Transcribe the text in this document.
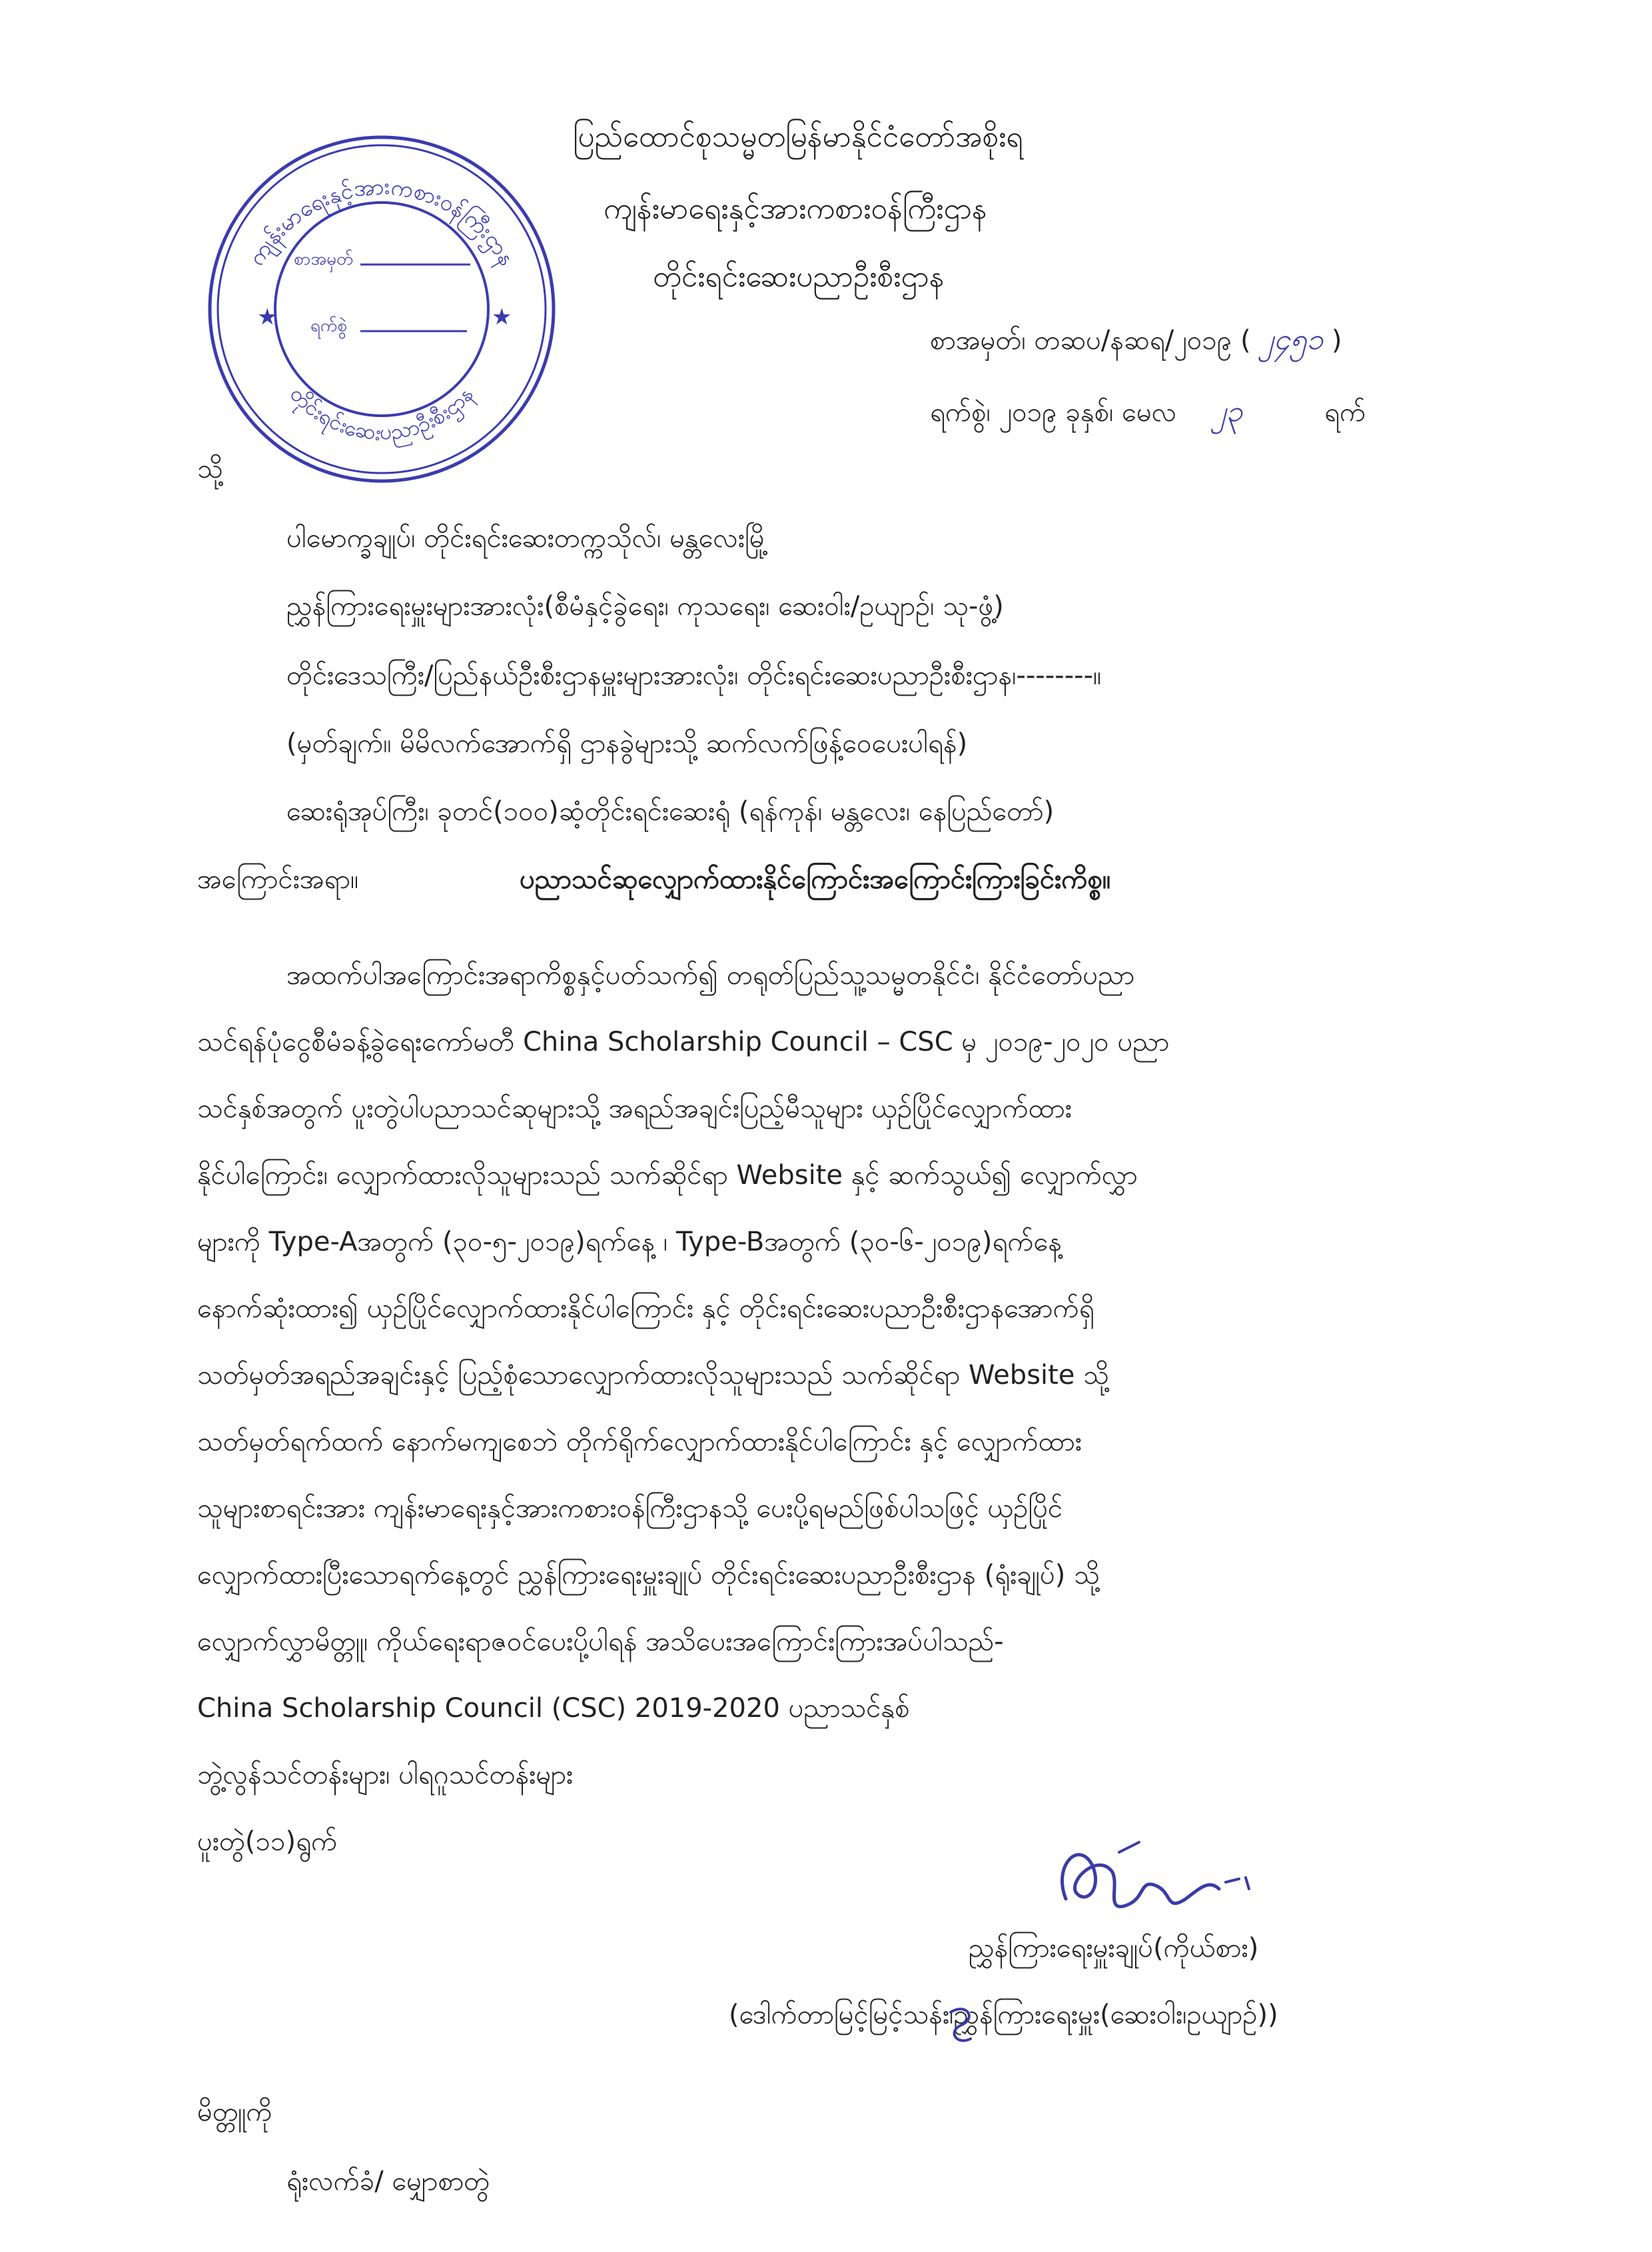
ကျန်းမာရေးနှင့်အားကစားဝန်ကြီးဌာန
တိုင်းရင်းဆေးပညာဦးစီးဌာန
★	★
စာအမှတ်
ရက်စွဲ
ပြည်ထောင်စုသမ္မတမြန်မာနိုင်ငံတော်အစိုးရ
ကျန်းမာရေးနှင့်အားကစားဝန်ကြီးဌာန
တိုင်းရင်းဆေးပညာဦးစီးဌာန
စာအမှတ်၊ တဆပ/နဆရ/၂၀၁၉ ( ၂၄၅၁ )
ရက်စွဲ၊ ၂၀၁၉ ခုနှစ်၊ မေလ ၂၃	ရက်
သို့
ပါမောက္ခချုပ်၊ တိုင်းရင်းဆေးတက္ကသိုလ်၊ မန္တလေးမြို့
ညွှန်ကြားရေးမှူးများအားလုံး(စီမံနှင့်ခွဲရေး၊ ကုသရေး၊ ဆေးဝါး/ဥယျာဉ်၊ သု-ဖွံ့)
တိုင်းဒေသကြီး/ပြည်နယ်ဦးစီးဌာနမှူးများအားလုံး၊ တိုင်းရင်းဆေးပညာဦးစီးဌာန၊--------။
(မှတ်ချက်။ မိမိလက်အောက်ရှိ ဌာနခွဲများသို့ ဆက်လက်ဖြန့်ဝေပေးပါရန်)
ဆေးရုံအုပ်ကြီး၊ ခုတင်(၁၀၀)ဆံ့တိုင်းရင်းဆေးရုံ (ရန်ကုန်၊ မန္တလေး၊ နေပြည်တော်)
အကြောင်းအရာ။	ပညာသင်ဆုလျှောက်ထားနိုင်ကြောင်းအကြောင်းကြားခြင်းကိစ္စ။
အထက်ပါအကြောင်းအရာကိစ္စနှင့်ပတ်သက်၍ တရုတ်ပြည်သူ့သမ္မတနိုင်ငံ၊ နိုင်ငံတော်ပညာ
သင်ရန်ပုံငွေစီမံခန့်ခွဲရေးကော်မတီ China Scholarship Council – CSC မှ ၂၀၁၉-၂၀၂၀ ပညာ
သင်နှစ်အတွက် ပူးတွဲပါပညာသင်ဆုများသို့ အရည်အချင်းပြည့်မီသူများ ယှဉ်ပြိုင်လျှောက်ထား
နိုင်ပါကြောင်း၊ လျှောက်ထားလိုသူများသည် သက်ဆိုင်ရာ Website နှင့် ဆက်သွယ်၍ လျှောက်လွှာ
များကို Type-Aအတွက် (၃၀-၅-၂၀၁၉)ရက်နေ့ ၊ Type-Bအတွက် (၃၀-၆-၂၀၁၉)ရက်နေ့
နောက်ဆုံးထား၍ ယှဉ်ပြိုင်လျှောက်ထားနိုင်ပါကြောင်း နှင့် တိုင်းရင်းဆေးပညာဦးစီးဌာနအောက်ရှိ
သတ်မှတ်အရည်အချင်းနှင့် ပြည့်စုံသောလျှောက်ထားလိုသူများသည် သက်ဆိုင်ရာ Website သို့
သတ်မှတ်ရက်ထက် နောက်မကျစေဘဲ တိုက်ရိုက်လျှောက်ထားနိုင်ပါကြောင်း နှင့် လျှောက်ထား
သူများစာရင်းအား ကျန်းမာရေးနှင့်အားကစားဝန်ကြီးဌာနသို့ ပေးပို့ရမည်ဖြစ်ပါသဖြင့် ယှဉ်ပြိုင်
လျှောက်ထားပြီးသောရက်နေ့တွင် ညွှန်ကြားရေးမှူးချုပ် တိုင်းရင်းဆေးပညာဦးစီးဌာန (ရုံးချုပ်) သို့
လျှောက်လွှာမိတ္တူ၊ ကိုယ်ရေးရာဇဝင်ပေးပို့ပါရန် အသိပေးအကြောင်းကြားအပ်ပါသည်-
China Scholarship Council (CSC) 2019-2020 ပညာသင်နှစ်
ဘွဲ့လွန်သင်တန်းများ၊ ပါရဂူသင်တန်းများ
ပူးတွဲ(၁၁)ရွက်
ညွှန်ကြားရေးမှူးချုပ်(ကိုယ်စား)
(ဒေါက်တာမြင့်မြင့်သန်း၊ညွှန်ကြားရေးမှူး(ဆေးဝါး၊ဥယျာဉ်))
မိတ္တူကို
ရုံးလက်ခံ/ မျှောစာတွဲ
